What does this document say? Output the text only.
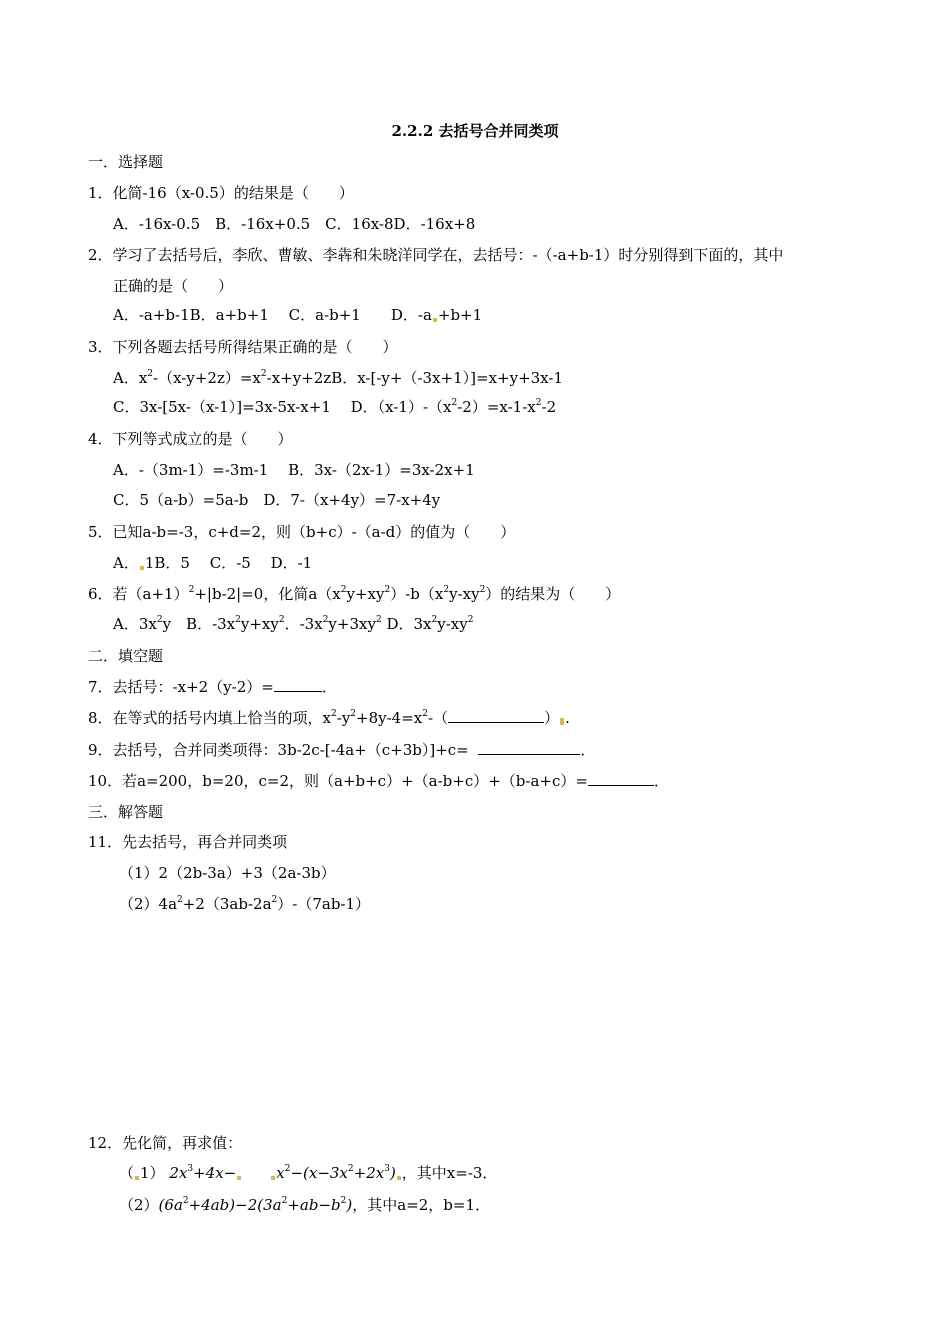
2.2.2 去括号合并同类项
一．选择题
1．化简-16（x-0.5）的结果是（　　）
A．-16x-0.5　B．-16x+0.5　C．16x-8D．-16x+8
2．学习了去括号后，李欣、曹敏、李犇和朱晓洋同学在，去括号：-（-a+b-1）时分别得到下面的，其中
正确的是（　　）
A．-a+b-1B．a+b+1　 C．a-b+1　　D．-a +b+1
3．下列各题去括号所得结果正确的是（　　）
A．$x^2-(x-y+2z)=x^2-x+y+2zB$．x-[-y+（-3x+1）]=x+y+3x-1
C．3x-[5x-（x-1）]=3x-5x-x+1　 D．$(x-1)-(x^2-2)=x-1-x^2-2$
4．下列等式成立的是（　　）
A．-（3m-1）=-3m-1　 B．3x-（2x-1）=3x-2x+1
C．5（a-b）=5a-b　D．7-（x+4y）=7-x+4y
5．已知a-b=-3，c+d=2，则（b+c）-（a-d）的值为（　　）
A． 1B．5　 C．-5　 D．-1
6．若$(a+1)^2+|b-2|=0$，化简$a(x^2y+xy^2)-b(x^2y-xy^2)$的结果为（　　）
A．$3x^2y$　B．$-3x^2y+xy^2$．$-3x^2y+3xy^2$ D．$3x^2y-xy^2$
二．填空题
7．去括号：-x+2（y-2）=	．
8．在等式的括号内填上恰当的项，$x^2-y^2+8y-4=x^2-$（	） .
9．去括号，合并同类项得：3b-2c-[-4a+（c+3b）]+c=	．
10．若a=200，b=20，c=2，则（a+b+c）+（a-b+c）+（b-a+c）=	．
三．解答题
11．先去括号，再合并同类项
（1）2（2b-3a）+3（2a-3b）
$(2)4a^2+2(3ab-2a^2)-(7ab-1)$
12．先化简，再求值：
（ 1） $2x^3+4x-$	$x^2-(x-3x^2+2x^3)$ ，其中x=-3．
$(2)(6a^2+4ab)-2(3a^2+ab-b^2)$，其中a=2，b=1．
